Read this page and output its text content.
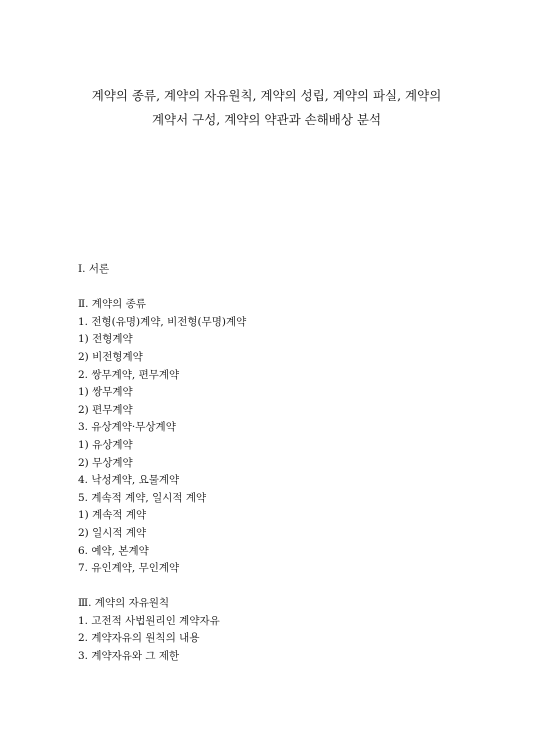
계약의 종류, 계약의 자유원칙, 계약의 성립, 계약의 파실, 계약의
계약서 구성, 계약의 약관과 손해배상 분석
Ⅰ. 서론
Ⅱ. 계약의 종류
1. 전형(유명)계약, 비전형(무명)계약
1) 전형계약
2) 비전형계약
2. 쌍무계약, 편무계약
1) 쌍무계약
2) 편무계약
3. 유상계약·무상계약
1) 유상계약
2) 무상계약
4. 낙성계약, 요물계약
5. 계속적 계약, 일시적 계약
1) 계속적 계약
2) 일시적 계약
6. 예약, 본계약
7. 유인계약, 무인계약
Ⅲ. 계약의 자유원칙
1. 고전적 사법원리인 계약자유
2. 계약자유의 원칙의 내용
3. 계약자유와 그 제한
